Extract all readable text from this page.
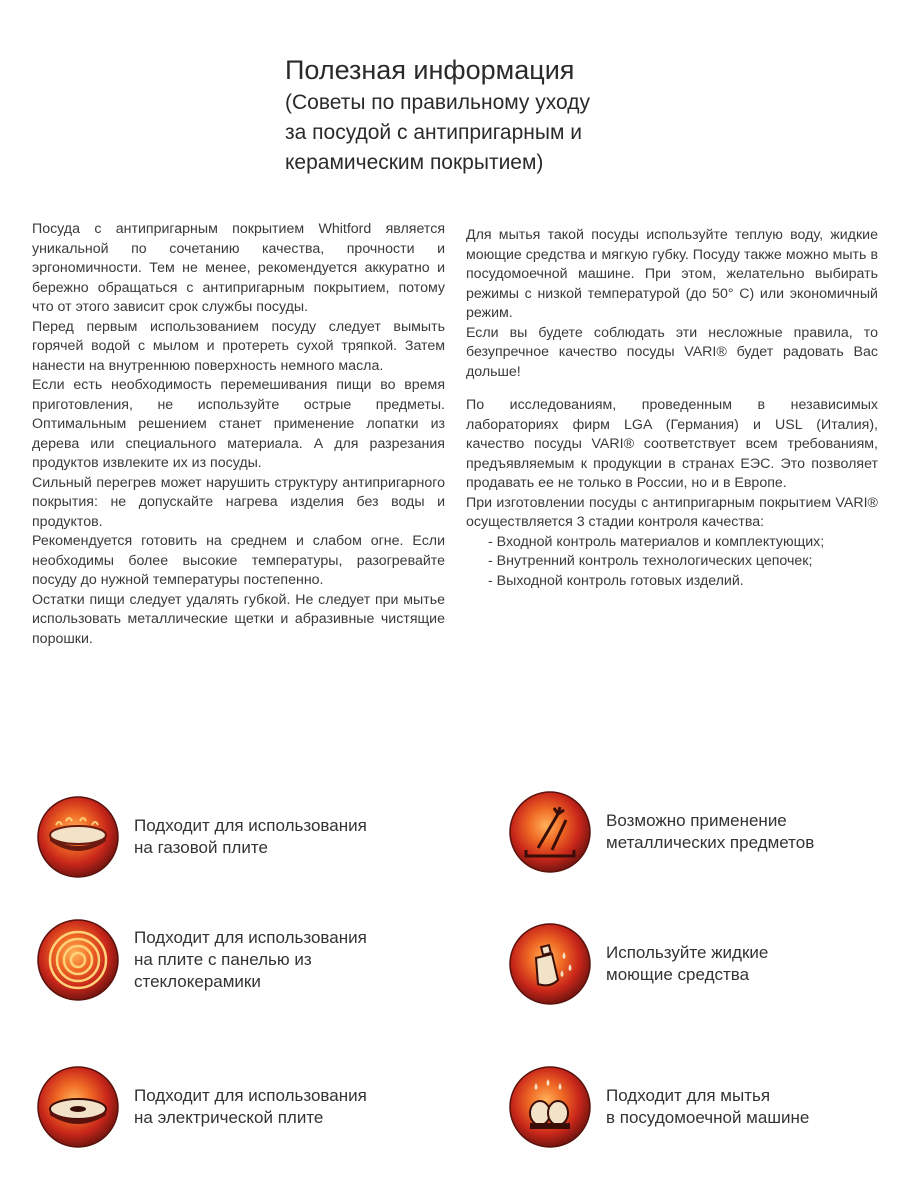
Полезная информация
(Советы по правильному уходу
за посудой с антипригарным и
керамическим покрытием)

Посуда с антипригарным покрытием Whitford является уникальной по сочетанию качества, прочности и эргономичности. Тем не менее, рекомендуется аккуратно и бережно обращаться с антипригарным покрытием, потому что от этого зависит срок службы посуды.

Перед первым использованием посуду следует вымыть горячей водой с мылом и протереть сухой тряпкой. Затем нанести на внутреннюю поверхность немного масла.

Если есть необходимость перемешивания пищи во время приготовления, не используйте острые предметы. Оптимальным решением станет применение лопатки из дерева или специального материала. А для разрезания продуктов извлеките их из посуды.

Сильный перегрев может нарушить структуру антипригарного покрытия: не допускайте нагрева изделия без воды и продуктов.

Рекомендуется готовить на среднем и слабом огне. Если необходимы более высокие температуры, разогревайте посуду до нужной температуры постепенно.

Остатки пищи следует удалять губкой. Не следует при мытье использовать металлические щетки и абразивные чистящие порошки.

Для мытья такой посуды используйте теплую воду, жидкие моющие средства и мягкую губку. Посуду также можно мыть в посудомоечной машине. При этом, желательно выбирать режимы с низкой температурой (до 50° С) или экономичный режим.

Если вы будете соблюдать эти несложные правила, то безупречное качество посуды VARI® будет радовать Вас дольше!

По исследованиям, проведенным в независимых лабораториях фирм LGA (Германия) и USL (Италия), качество посуды VARI® соответствует всем требованиям, предъявляемым к продукции в странах ЕЭС. Это позволяет продавать ее не только в России, но и в Европе.

При изготовлении посуды с антипригарным покрытием VARI® осуществляется 3 стадии контроля качества:

- Входной контроль материалов и комплектующих;
- Внутренний контроль технологических цепочек;
- Выходной контроль готовых изделий.
Подходит для использования
на газовой плите
Возможно применение
металлических предметов
Подходит для использования
на плите с панелью из
стеклокерамики
Используйте жидкие
моющие средства
Подходит для использования
на электрической плите
Подходит для мытья
в посудомоечной машине
